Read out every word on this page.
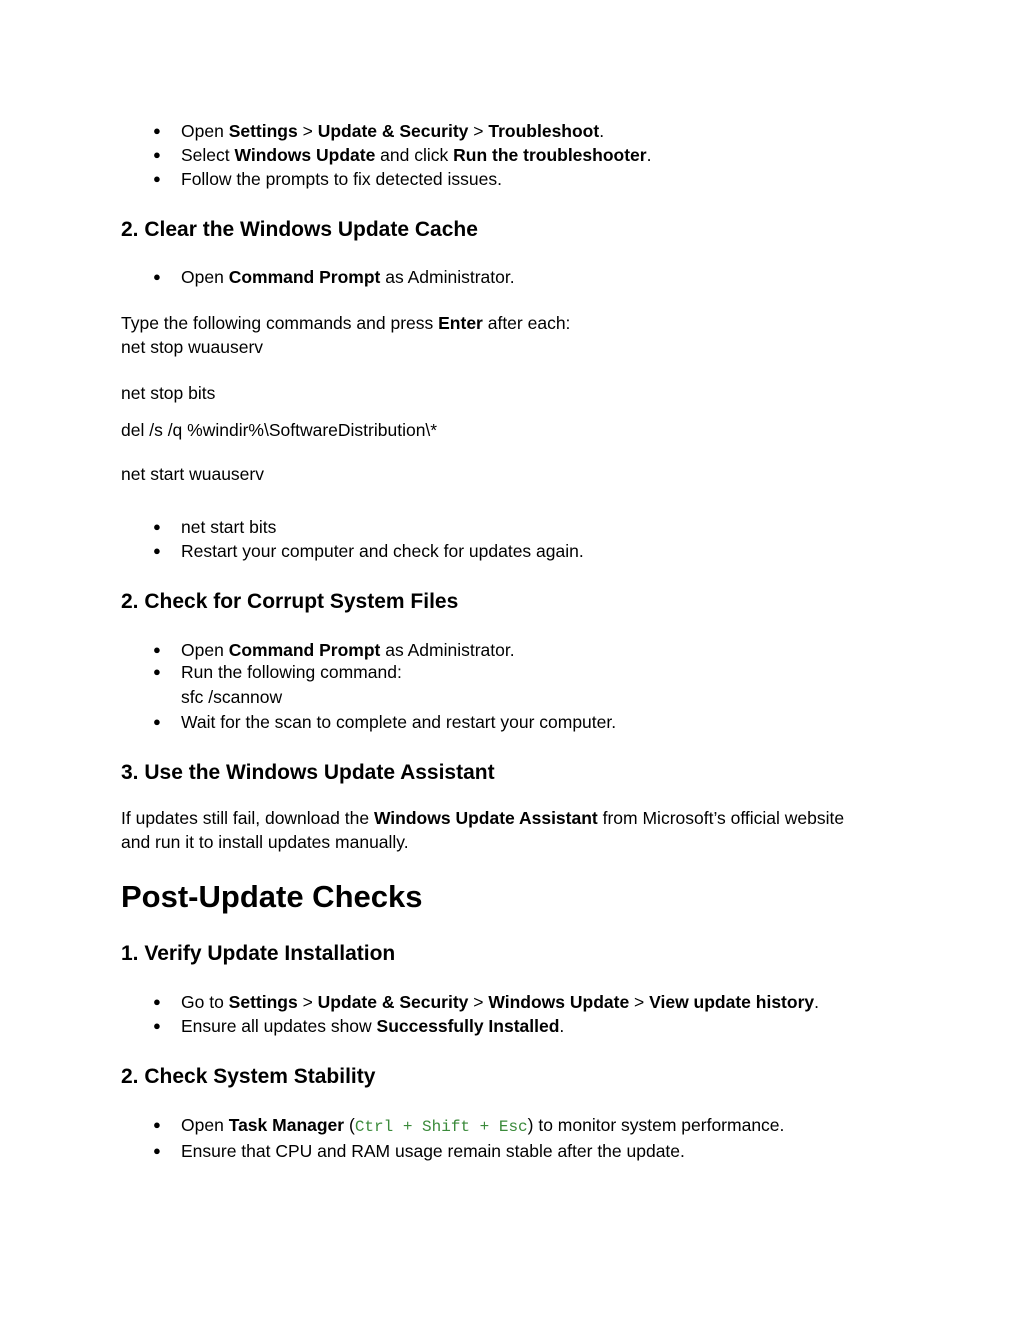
● Open Settings > Update & Security > Troubleshoot.
● Select Windows Update and click Run the troubleshooter.
● Follow the prompts to fix detected issues.
2. Clear the Windows Update Cache
● Open Command Prompt as Administrator.
Type the following commands and press Enter after each:
net stop wuauserv
net stop bits
del /s /q %windir%\SoftwareDistribution\*
net start wuauserv
● net start bits
● Restart your computer and check for updates again.
2. Check for Corrupt System Files
● Open Command Prompt as Administrator.
● Run the following command:
sfc /scannow
● Wait for the scan to complete and restart your computer.
3. Use the Windows Update Assistant
If updates still fail, download the Windows Update Assistant from Microsoft’s official website
and run it to install updates manually.
Post-Update Checks
1. Verify Update Installation
● Go to Settings > Update & Security > Windows Update > View update history.
● Ensure all updates show Successfully Installed.
2. Check System Stability
● Open Task Manager (Ctrl + Shift + Esc) to monitor system performance.
● Ensure that CPU and RAM usage remain stable after the update.
